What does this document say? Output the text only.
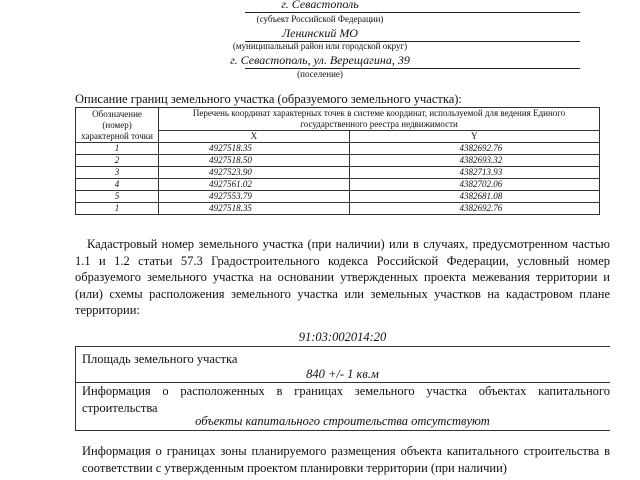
г. Севастополь
(субъект Российской Федерации)
Ленинский МО
(муниципальный район или городской округ)
г. Севастополь, ул. Верещагина, 39
(поселение)
Описание границ земельного участка (образуемого земельного участка):
Обозначение (номер) характерной точки	Перечень координат характерных точек в системе координат, используемой для ведения Единого государственного реестра недвижимости	
	X	Y
1	4927518.35	4382692.76
2	4927518.50	4382693.32
3	4927523.90	4382713.93
4	4927561.02	4382702.06
5	4927553.79	4382681.08
1	4927518.35	4382692.76
Кадастровый номер земельного участка (при наличии) или в случаях, предусмотренном частью 1.1 и 1.2 статьи 57.3 Градостроительного кодекса Российской Федерации, условный номер образуемого земельного участка на основании утвержденных проекта межевания территории и (или) схемы расположения земельного участка или земельных участков на кадастровом плане территории:
91:03:002014:20
Площадь земельного участка
840 +/- 1 кв.м
Информация о расположенных в границах земельного участка объектах капитального строительства
объекты капитального строительства отсутствуют
Информация о границах зоны планируемого размещения объекта капитального строительства в соответствии с утвержденным проектом планировки территории (при наличии)
